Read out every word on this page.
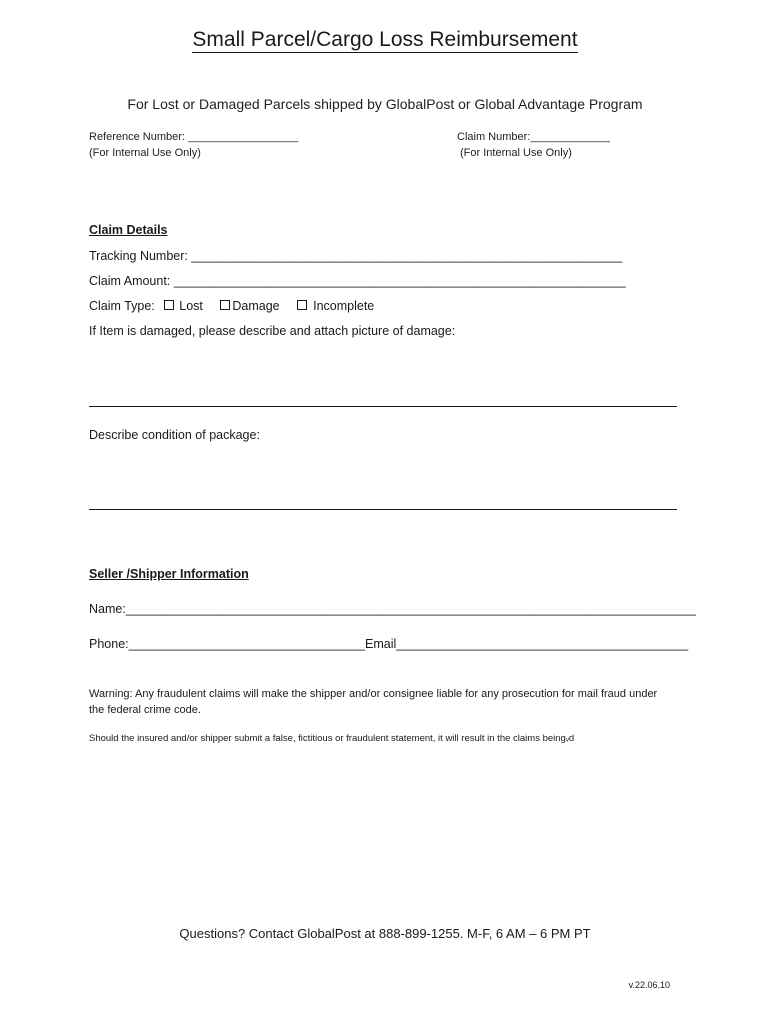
Small Parcel/Cargo Loss Reimbursement
For Lost or Damaged Parcels shipped by GlobalPost or Global Advantage Program
Reference Number: __________________
(For Internal Use Only)
Claim Number:_____________
(For Internal Use Only)
Claim Details
Tracking Number: ______________________________________________________________
Claim Amount: _________________________________________________________________
Claim Type: Lost Damage	Incomplete
If Item is damaged, please describe and attach picture of damage:
Describe condition of package:
Seller /Shipper Information
Name:__________________________________________________________________________________
Phone:__________________________________Email__________________________________________
Warning: Any fraudulent claims will make the shipper and/or consignee liable for any prosecution for mail fraud under the federal crime code.
Should the insured and/or shipper submit a false, fictitious or fraudulent statement, it will result in the claims beingᵥd
Questions? Contact GlobalPost at 888-899-1255. M-F, 6 AM – 6 PM PT
v.22.06.10
